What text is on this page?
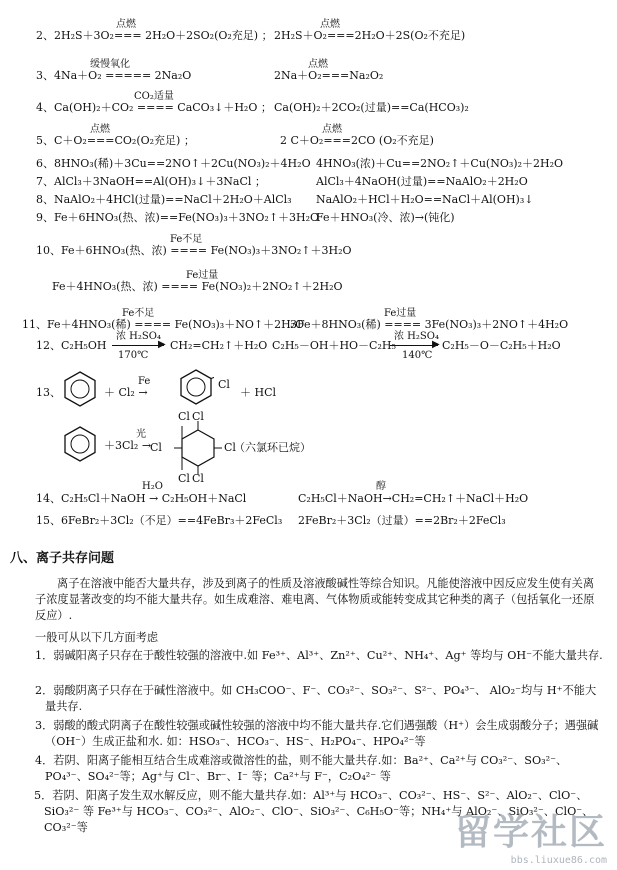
点燃
2、2H₂S＋3O₂=== 2H₂O＋2SO₂(O₂充足) ；
点燃
2H₂S＋O₂===2H₂O＋2S(O₂不充足)
缓慢氧化
3、4Na＋O₂ ===== 2Na₂O
点燃
2Na＋O₂===Na₂O₂
CO₂适量
4、Ca(OH)₂＋CO₂ ==== CaCO₃↓＋H₂O ； Ca(OH)₂＋2CO₂(过量)==Ca(HCO₃)₂
点燃
5、C＋O₂===CO₂(O₂充足) ；
点燃
2 C＋O₂===2CO (O₂不充足)
6、8HNO₃(稀)＋3Cu==2NO↑＋2Cu(NO₃)₂＋4H₂O 4HNO₃(浓)＋Cu==2NO₂↑＋Cu(NO₃)₂＋2H₂O
7、AlCl₃＋3NaOH==Al(OH)₃↓＋3NaCl ；	AlCl₃＋4NaOH(过量)==NaAlO₂＋2H₂O
8、NaAlO₂＋4HCl(过量)==NaCl＋2H₂O＋AlCl₃ NaAlO₂＋HCl＋H₂O==NaCl＋Al(OH)₃↓
9、Fe＋6HNO₃(热、浓)==Fe(NO₃)₃＋3NO₂↑＋3H₂O
Fe＋HNO₃(冷、浓)→(钝化)
Fe不足
10、Fe＋6HNO₃(热、浓) ==== Fe(NO₃)₃＋3NO₂↑＋3H₂O
Fe过量
Fe＋4HNO₃(热、浓) ==== Fe(NO₃)₂＋2NO₂↑＋2H₂O
Fe不足
11、Fe＋4HNO₃(稀) ==== Fe(NO₃)₃＋NO↑＋2H₂O
Fe过量
3Fe＋8HNO₃(稀) ==== 3Fe(NO₃)₃＋2NO↑＋4H₂O
12、C₂H₅OH
浓 H₂SO₄
▶
170℃
CH₂=CH₂↑＋H₂O C₂H₅－OH＋HO－C₂H₅
浓 H₂SO₄
▶
140℃
C₂H₅－O－C₂H₅＋H₂O
13、	＋ Cl₂ →
Fe	Cl
＋ HCl
＋3Cl₂ →
光
Cl Cl
Cl	Cl
Cl Cl
（六氯环已烷）
H₂O
14、C₂H₅Cl＋NaOH → C₂H₅OH＋NaCl
醇
C₂H₅Cl＋NaOH→CH₂=CH₂↑＋NaCl＋H₂O
15、6FeBr₂＋3Cl₂（不足）==4FeBr₃＋2FeCl₃ 2FeBr₂＋3Cl₂（过量）==2Br₂＋2FeCl₃
八、离子共存问题
离子在溶液中能否大量共存，涉及到离子的性质及溶液酸碱性等综合知识。凡能使溶液中因反应发生使有关离子浓度显著改变的均不能大量共存。如生成难溶、难电离、气体物质或能转变成其它种类的离子（包括氧化一还原反应）.
一般可从以下几方面考虑
1．弱碱阳离子只存在于酸性较强的溶液中.如 Fe³⁺、Al³⁺、Zn²⁺、Cu²⁺、NH₄⁺、Ag⁺ 等均与 OH⁻不能大量共存.
2．弱酸阴离子只存在于碱性溶液中。如 CH₃COO⁻、F⁻、CO₃²⁻、SO₃²⁻、S²⁻、PO₄³⁻、 AlO₂⁻均与 H⁺不能大量共存.
3．弱酸的酸式阴离子在酸性较强或碱性较强的溶液中均不能大量共存.它们遇强酸（H⁺）会生成弱酸分子；遇强碱（OH⁻）生成正盐和水. 如：HSO₃⁻、HCO₃⁻、HS⁻、H₂PO₄⁻、HPO₄²⁻等
4．若阴、阳离子能相互结合生成难溶或微溶性的盐，则不能大量共存.如：Ba²⁺、Ca²⁺与 CO₃²⁻、SO₃²⁻、 PO₄³⁻、SO₄²⁻等；Ag⁺与 Cl⁻、Br⁻、I⁻ 等；Ca²⁺与 F⁻，C₂O₄²⁻ 等
5．若阴、阳离子发生双水解反应，则不能大量共存.如：Al³⁺与 HCO₃⁻、CO₃²⁻、HS⁻、S²⁻、AlO₂⁻、ClO⁻、SiO₃²⁻ 等 Fe³⁺与 HCO₃⁻、CO₃²⁻、AlO₂⁻、ClO⁻、SiO₃²⁻、C₆H₅O⁻等；NH₄⁺与 AlO₂⁻、SiO₃²⁻、ClO⁻、CO₃²⁻等	留学社区
bbs.liuxue86.com
